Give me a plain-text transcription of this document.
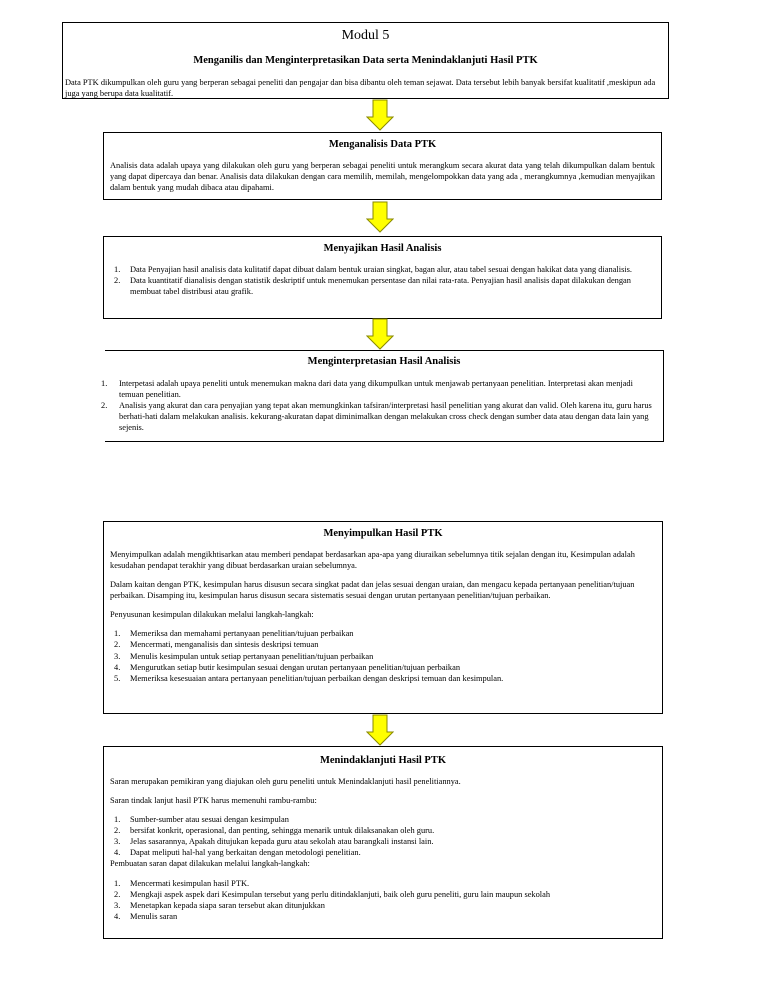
Modul 5
Menganilis dan Menginterpretasikan Data serta Menindaklanjuti Hasil PTK

Data PTK dikumpulkan oleh guru yang berperan sebagai peneliti dan pengajar dan bisa dibantu oleh teman sejawat. Data tersebut lebih banyak bersifat kualitatif ,meskipun ada juga yang berupa data kualitatif.

Menganalisis Data PTK

Analisis data adalah upaya yang dilakukan oleh guru yang berperan sebagai peneliti untuk merangkum secara akurat data yang telah dikumpulkan dalam bentuk yang dapat dipercaya dan benar. Analisis data dilakukan dengan cara memilih, memilah, mengelompokkan data yang ada , merangkumnya ,kemudian menyajikan dalam bentuk yang mudah dibaca atau dipahami.

Menyajikan Hasil Analisis
1. Data Penyajian hasil analisis data kulitatif dapat dibuat dalam bentuk uraian singkat, bagan alur, atau tabel sesuai dengan hakikat data yang dianalisis.
2. Data kuantitatif dianalisis dengan statistik deskriptif untuk menemukan persentase dan nilai rata-rata. Penyajian hasil analisis dapat dilakukan dengan membuat tabel distribusi atau grafik.
Menginterpretasian Hasil Analisis
1. Interpetasi adalah upaya peneliti untuk menemukan makna dari data yang dikumpulkan untuk menjawab pertanyaan penelitian. Interpretasi akan menjadi temuan penelitian.
2. Analisis yang akurat dan cara penyajian yang tepat akan memungkinkan tafsiran/interpretasi hasil penelitian yang akurat dan valid. Oleh karena itu, guru harus berhati-hati dalam melakukan analisis. kekurang-akuratan dapat diminimalkan dengan melakukan cross check dengan sumber data atau dengan data lain yang sejenis.
Menyimpulkan Hasil PTK

Menyimpulkan adalah mengikhtisarkan atau memberi pendapat berdasarkan apa-apa yang diuraikan sebelumnya titik sejalan dengan itu, Kesimpulan adalah kesudahan pendapat terakhir yang dibuat berdasarkan uraian sebelumnya.

Dalam kaitan dengan PTK, kesimpulan harus disusun secara singkat padat dan jelas sesuai dengan uraian, dan mengacu kepada pertanyaan penelitian/tujuan perbaikan. Disamping itu, kesimpulan harus disusun secara sistematis sesuai dengan urutan pertanyaan penelitian/tujuan perbaikan.

Penyusunan kesimpulan dilakukan melalui langkah-langkah:

1. Memeriksa dan memahami pertanyaan penelitian/tujuan perbaikan
2. Mencermati, menganalisis dan sintesis deskripsi temuan
3. Menulis kesimpulan untuk setiap pertanyaan penelitian/tujuan perbaikan
4. Mengurutkan setiap butir kesimpulan sesuai dengan urutan pertanyaan penelitian/tujuan perbaikan
5. Memeriksa kesesuaian antara pertanyaan penelitian/tujuan perbaikan dengan deskripsi temuan dan kesimpulan.
Menindaklanjuti Hasil PTK

Saran merupakan pemikiran yang diajukan oleh guru peneliti untuk Menindaklanjuti hasil penelitiannya.

Saran tindak lanjut hasil PTK harus memenuhi rambu-rambu:

1. Sumber-sumber atau sesuai dengan kesimpulan
2. bersifat konkrit, operasional, dan penting, sehingga menarik untuk dilaksanakan oleh guru.
3. Jelas sasarannya, Apakah ditujukan kepada guru atau sekolah atau barangkali instansi lain.
4. Dapat meliputi hal-hal yang berkaitan dengan metodologi penelitian.

Pembuatan saran dapat dilakukan melalui langkah-langkah:

1. Mencermati kesimpulan hasil PTK.
2. Mengkaji aspek aspek dari Kesimpulan tersebut yang perlu ditindaklanjuti, baik oleh guru peneliti, guru lain maupun sekolah
3. Menetapkan kepada siapa saran tersebut akan ditunjukkan
4. Menulis saran
